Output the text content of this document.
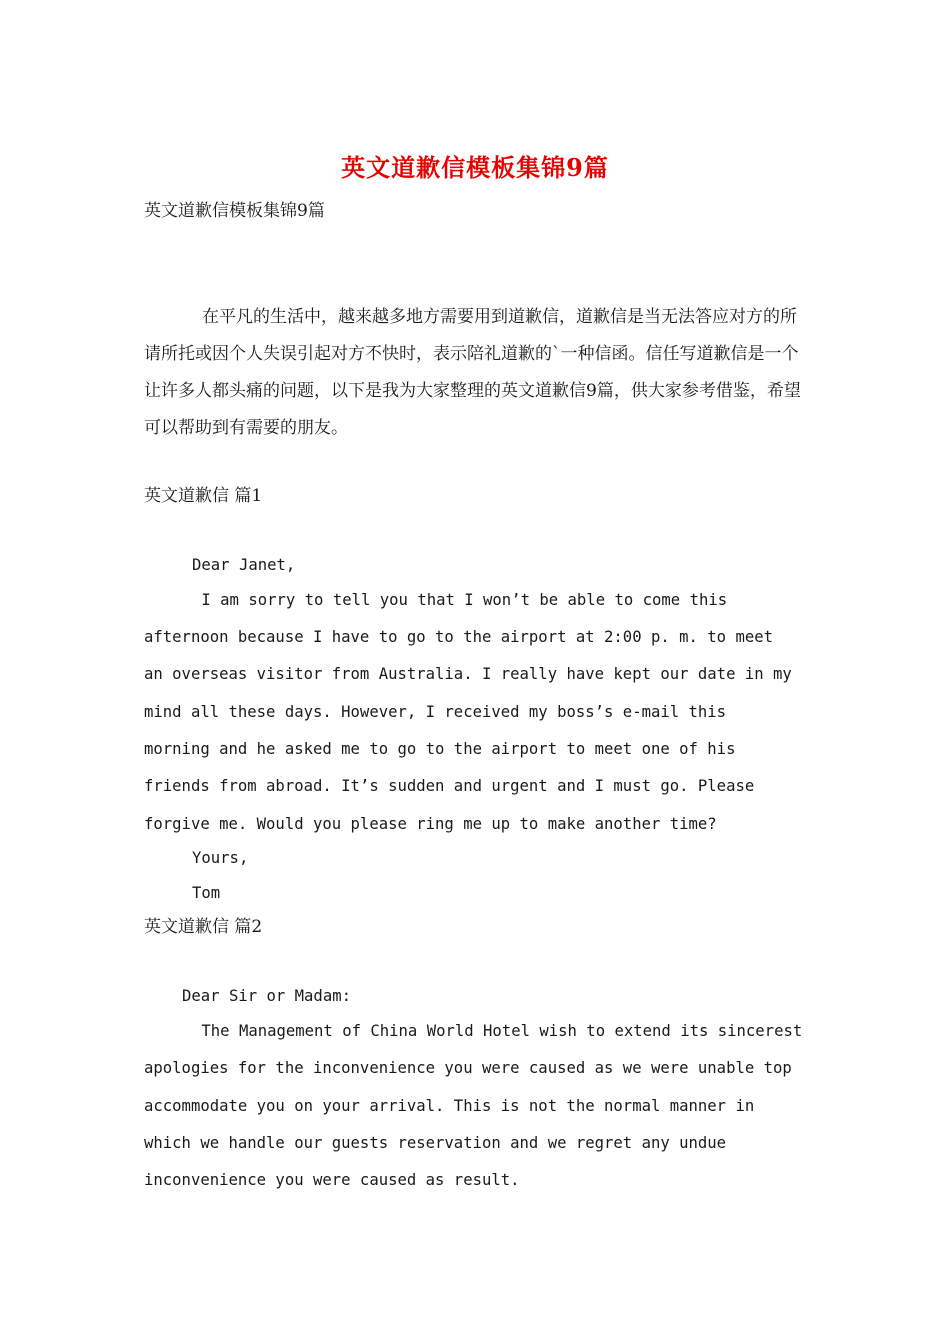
英文道歉信模板集锦9篇
英文道歉信模板集锦9篇

在平凡的生活中，越来越多地方需要用到道歉信，道歉信是当无法答应对方的所请所托或因个人失误引起对方不快时，表示陪礼道歉的`一种信函。信任写道歉信是一个让许多人都头痛的问题，以下是我为大家整理的英文道歉信9篇，供大家参考借鉴，希望可以帮助到有需要的朋友。

英文道歉信 篇1
Dear Janet,
I am sorry to tell you that I won’t be able to come this
afternoon because I have to go to the airport at 2:00 p. m. to meet
an overseas visitor from Australia. I really have kept our date in my
mind all these days. However, I received my boss’s e-mail this
morning and he asked me to go to the airport to meet one of his
friends from abroad. It’s sudden and urgent and I must go. Please
forgive me. Would you please ring me up to make another time?
Yours,
Tom
英文道歉信 篇2
Dear Sir or Madam:
The Management of China World Hotel wish to extend its sincerest
apologies for the inconvenience you were caused as we were unable top
accommodate you on your arrival. This is not the normal manner in
which we handle our guests reservation and we regret any undue
inconvenience you were caused as result.
